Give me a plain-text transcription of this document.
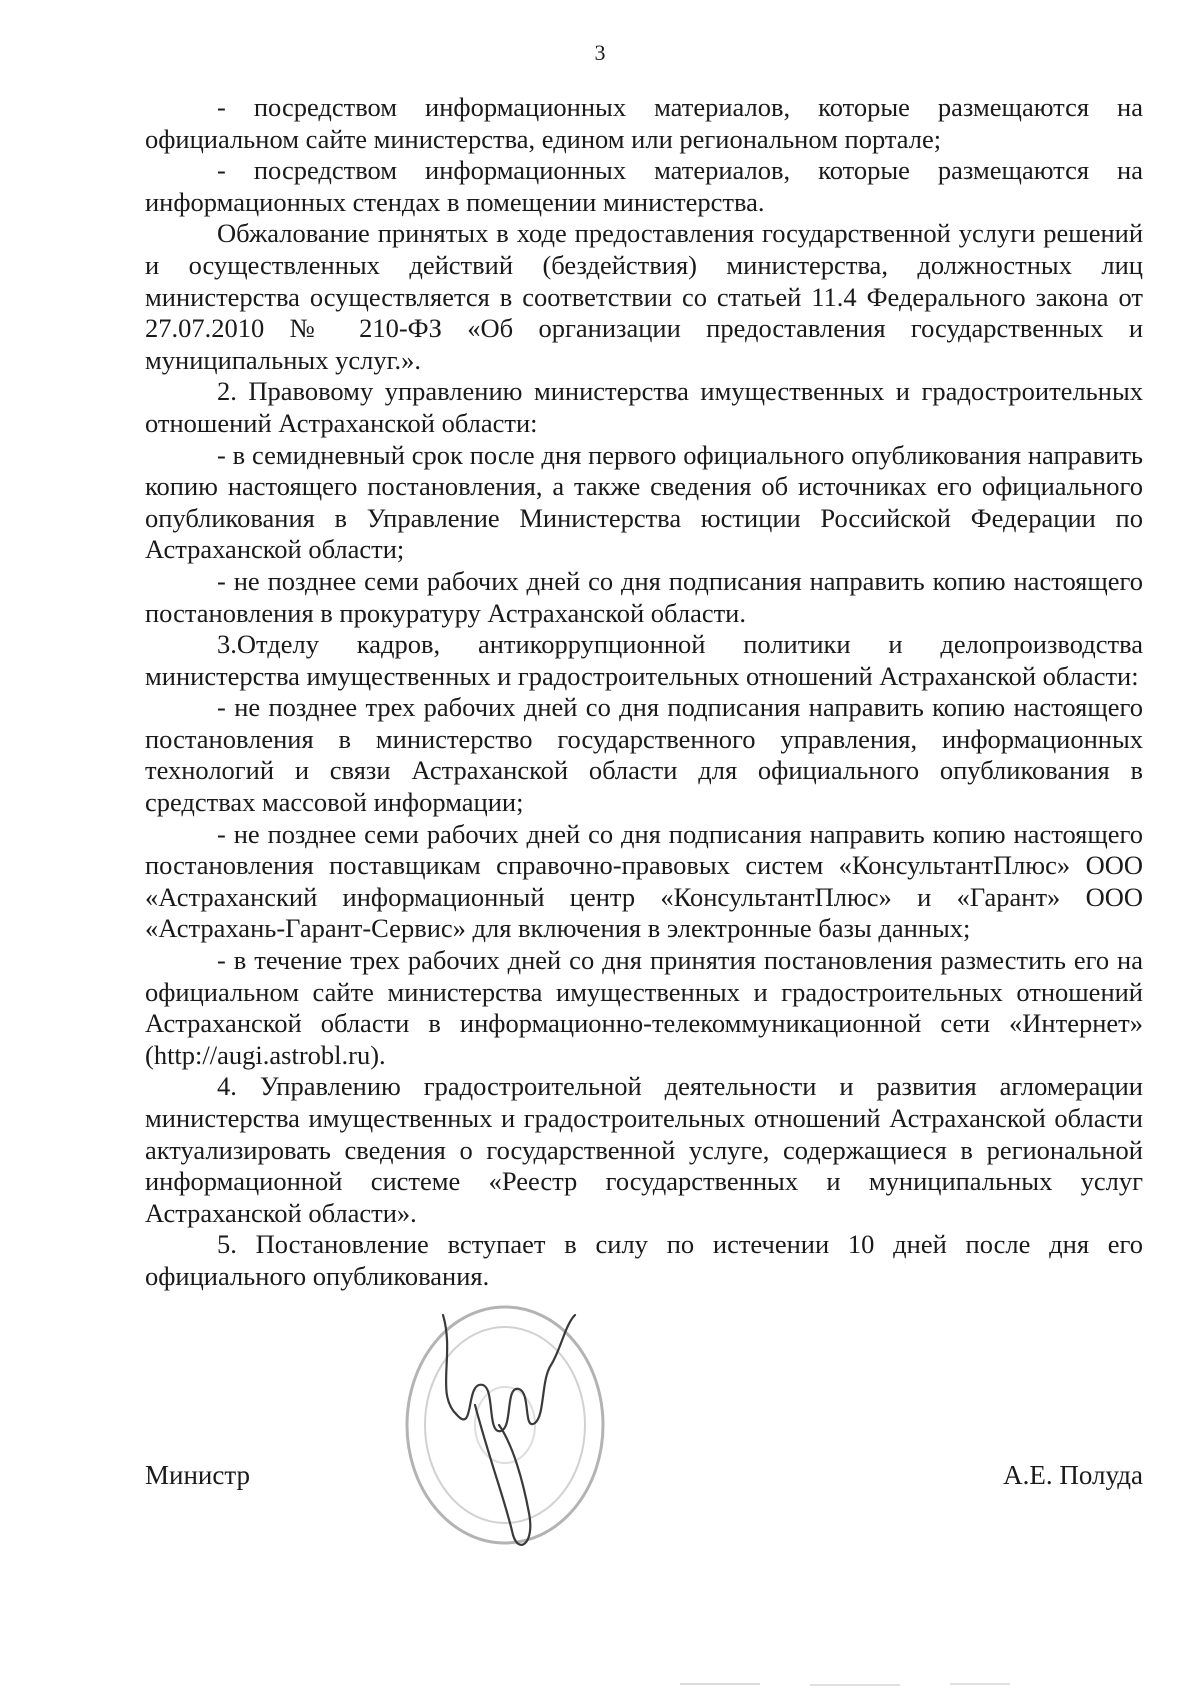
3

- посредством информационных материалов, которые размещаются на официальном сайте министерства, едином или региональном портале;

- посредством информационных материалов, которые размещаются на информационных стендах в помещении министерства.

Обжалование принятых в ходе предоставления государственной услуги решений и осуществленных действий (бездействия) министерства, должностных лиц министерства осуществляется в соответствии со статьей 11.4 Федерального закона от 27.07.2010 № 210-ФЗ «Об организации предоставления государственных и муниципальных услуг.».

2. Правовому управлению министерства имущественных и градостроительных отношений Астраханской области:

- в семидневный срок после дня первого официального опубликования направить копию настоящего постановления, а также сведения об источниках его официального опубликования в Управление Министерства юстиции Российской Федерации по Астраханской области;

- не позднее семи рабочих дней со дня подписания направить копию настоящего постановления в прокуратуру Астраханской области.

3.Отделу кадров, антикоррупционной политики и делопроизводства министерства имущественных и градостроительных отношений Астраханской области:

- не позднее трех рабочих дней со дня подписания направить копию настоящего постановления в министерство государственного управления, информационных технологий и связи Астраханской области для официального опубликования в средствах массовой информации;

- не позднее семи рабочих дней со дня подписания направить копию настоящего постановления поставщикам справочно-правовых систем «КонсультантПлюс» ООО «Астраханский информационный центр «КонсультантПлюс» и «Гарант» ООО «Астрахань-Гарант-Сервис» для включения в электронные базы данных;

- в течение трех рабочих дней со дня принятия постановления разместить его на официальном сайте министерства имущественных и градостроительных отношений Астраханской области в информационно-телекоммуникационной сети «Интернет» (http://augi.astrobl.ru).

4. Управлению градостроительной деятельности и развития агломерации министерства имущественных и градостроительных отношений Астраханской области актуализировать сведения о государственной услуге, содержащиеся в региональной информационной системе «Реестр государственных и муниципальных услуг Астраханской области».

5. Постановление вступает в силу по истечении 10 дней после дня его официального опубликования.

Министр	А.Е. Полуда
